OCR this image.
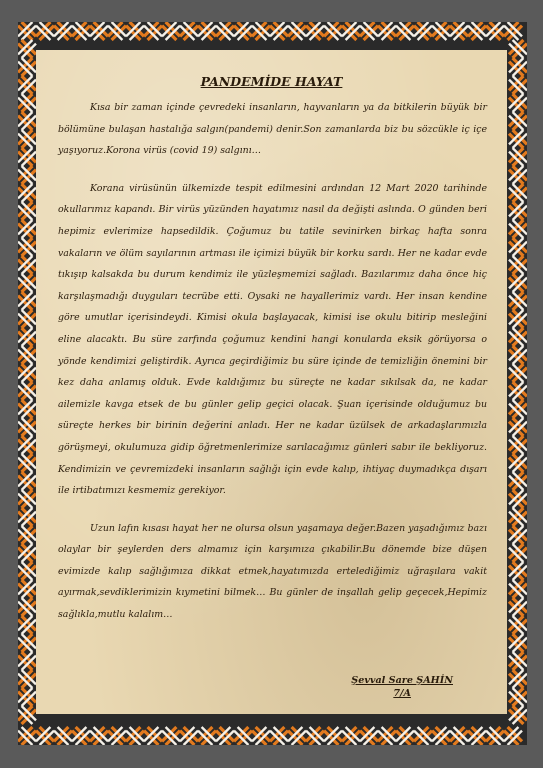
PANDEMİDE HAYAT

Kısa bir zaman içinde çevredeki insanların, hayvanların ya da bitkilerin büyük bir bölümüne bulaşan hastalığa salgın(pandemi) denir.Son zamanlarda biz bu sözcükle iç içe yaşıyoruz.Korona virüs (covid 19) salgını…

Korana virüsünün ülkemizde tespit edilmesini ardından 12 Mart 2020 tarihinde okullarımız kapandı. Bir virüs yüzünden hayatımız nasıl da değişti aslında. O günden beri hepimiz evlerimize hapsedildik. Çoğumuz bu tatile sevinirken birkaç hafta sonra vakaların ve ölüm sayılarının artması ile içimizi büyük bir korku sardı. Her ne kadar evde tıkışıp kalsakda bu durum kendimiz ile yüzleşmemizi sağladı. Bazılarımız daha önce hiç karşılaşmadığı duyguları tecrübe etti. Oysaki ne hayallerimiz vardı. Her insan kendine göre umutlar içerisindeydi. Kimisi okula başlayacak, kimisi ise okulu bitirip mesleğini eline alacaktı. Bu süre zarfında çoğumuz kendini hangi konularda eksik görüyorsa o yönde kendimizi geliştirdik. Ayrıca geçirdiğimiz bu süre içinde de temizliğin önemini bir kez daha anlamış olduk. Evde kaldığımız bu süreçte ne kadar sıkılsak da, ne kadar ailemizle kavga etsek de bu günler gelip geçici olacak. Şuan içerisinde olduğumuz bu süreçte herkes bir birinin değerini anladı. Her ne kadar üzülsek de arkadaşlarımızla görüşmeyi, okulumuza gidip öğretmenlerimize sarılacağımız günleri sabır ile bekliyoruz. Kendimizin ve çevremizdeki insanların sağlığı için evde kalıp, ihtiyaç duymadıkça dışarı ile irtibatımızı kesmemiz gerekiyor.

Uzun lafın kısası hayat her ne olursa olsun yaşamaya değer.Bazen yaşadığımız bazı olaylar bir şeylerden ders almamız için karşımıza çıkabilir.Bu dönemde bize düşen evimizde kalıp sağlığımıza dikkat etmek,hayatımızda ertelediğimiz uğraşılara vakit ayırmak,sevdiklerimizin kıymetini bilmek… Bu günler de inşallah gelip geçecek,Hepimiz sağlıkla,mutlu kalalım…

Şevval Sare ŞAHİN
7/A
